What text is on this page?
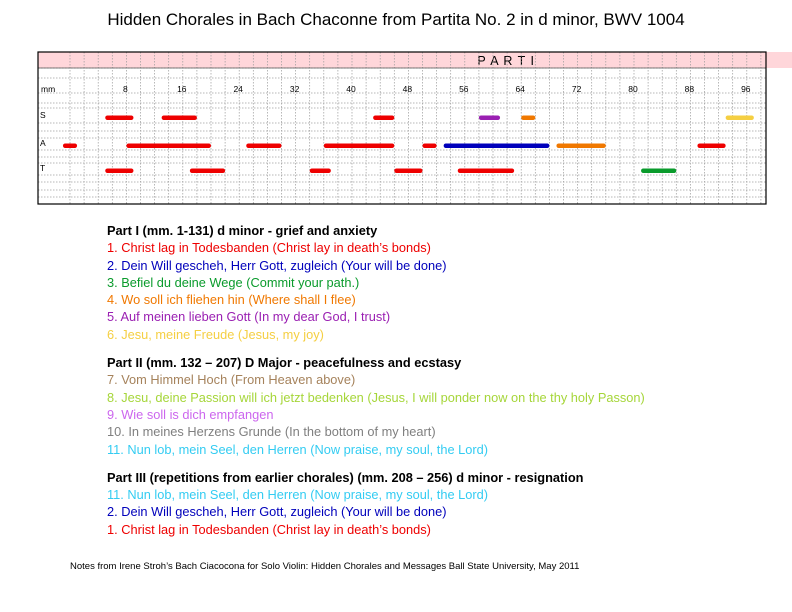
Hidden Chorales in Bach Chaconne from Partita No. 2 in d minor, BWV 1004
P A R T I
mm	8	16	24	32	40	48	56	64	72	80	88	96
S
A
T
Part I (mm. 1-131) d minor - grief and anxiety
1. Christ lag in Todesbanden (Christ lay in death’s bonds)
2. Dein Will gescheh, Herr Gott, zugleich (Your will be done)
3. Befiel du deine Wege (Commit your path.)
4. Wo soll ich fliehen hin (Where shall I flee)
5. Auf meinen lieben Gott (In my dear God, I trust)
6. Jesu, meine Freude (Jesus, my joy)
Part II (mm. 132 – 207) D Major - peacefulness and ecstasy
7. Vom Himmel Hoch (From Heaven above)
8. Jesu, deine Passion will ich jetzt bedenken (Jesus, I will ponder now on the thy holy Passon)
9. Wie soll is dich empfangen
10. In meines Herzens Grunde (In the bottom of my heart)
11. Nun lob, mein Seel, den Herren (Now praise, my soul, the Lord)
Part III (repetitions from earlier chorales) (mm. 208 – 256) d minor - resignation
11. Nun lob, mein Seel, den Herren (Now praise, my soul, the Lord)
2. Dein Will gescheh, Herr Gott, zugleich (Your will be done)
1. Christ lag in Todesbanden (Christ lay in death’s bonds)
Notes from Irene Stroh’s Bach Ciacocona for Solo Violin: Hidden Chorales and Messages Ball State University, May 2011
